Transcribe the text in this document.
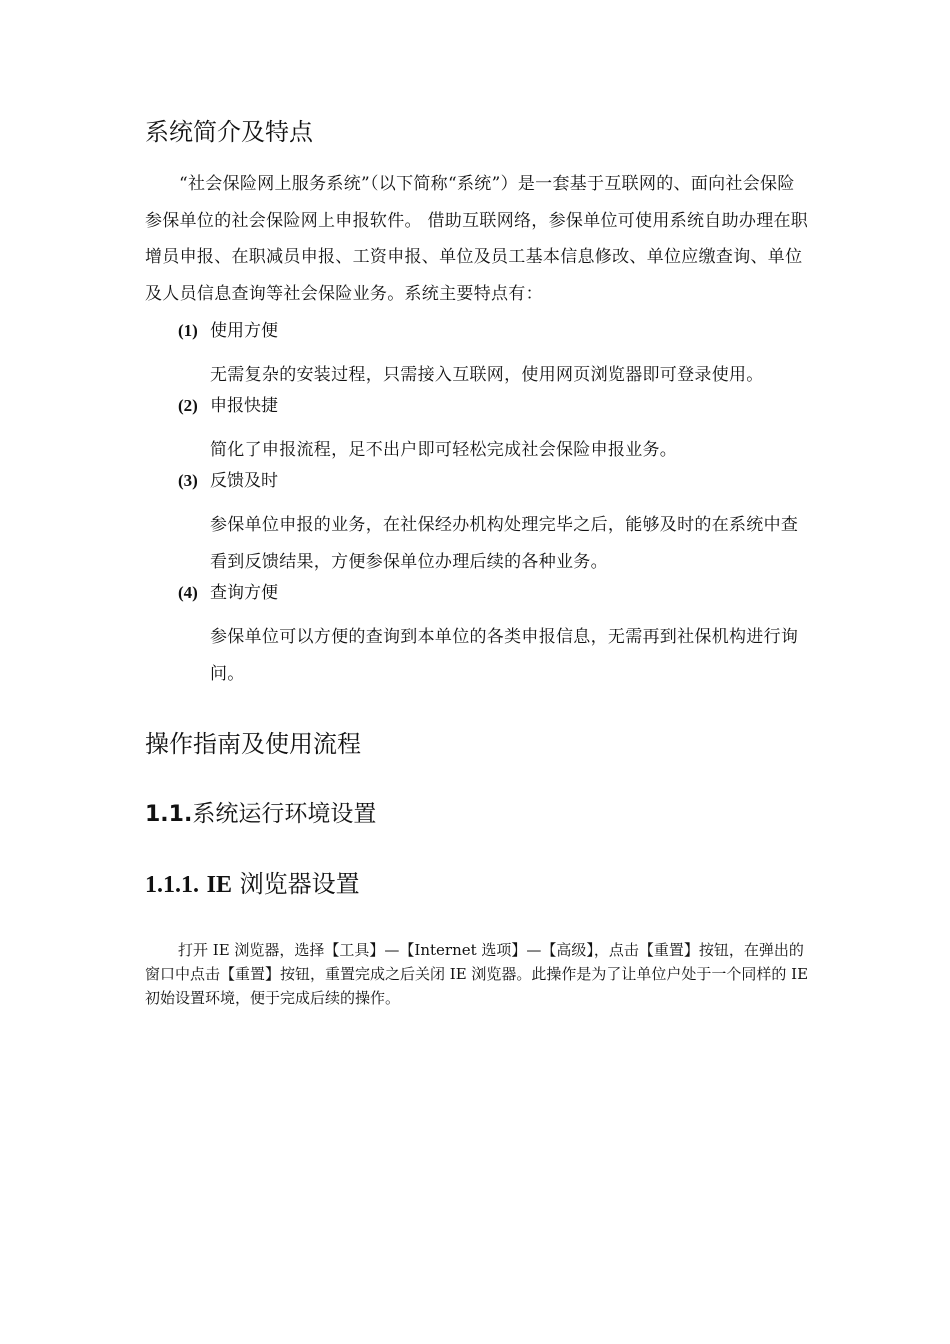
系统简介及特点

“社会保险网上服务系统”（以下简称“系统”）是一套基于互联网的、面向社会保险参保单位的社会保险网上申报软件。 借助互联网络，参保单位可使用系统自助办理在职增员申报、在职减员申报、工资申报、单位及员工基本信息修改、单位应缴查询、单位及人员信息查询等社会保险业务。系统主要特点有：

(1) 使用方便

无需复杂的安装过程，只需接入互联网，使用网页浏览器即可登录使用。

(2) 申报快捷

简化了申报流程，足不出户即可轻松完成社会保险申报业务。

(3) 反馈及时

参保单位申报的业务，在社保经办机构处理完毕之后，能够及时的在系统中查看到反馈结果，方便参保单位办理后续的各种业务。

(4) 查询方便

参保单位可以方便的查询到本单位的各类申报信息，无需再到社保机构进行询问。

操作指南及使用流程
1.1.系统运行环境设置
1.1.1. IE 浏览器设置

打开 IE 浏览器，选择【工具】—【Internet 选项】—【高级】，点击【重置】按钮，在弹出的窗口中点击【重置】按钮，重置完成之后关闭 IE 浏览器。此操作是为了让单位户处于一个同样的 IE 初始设置环境，便于完成后续的操作。
